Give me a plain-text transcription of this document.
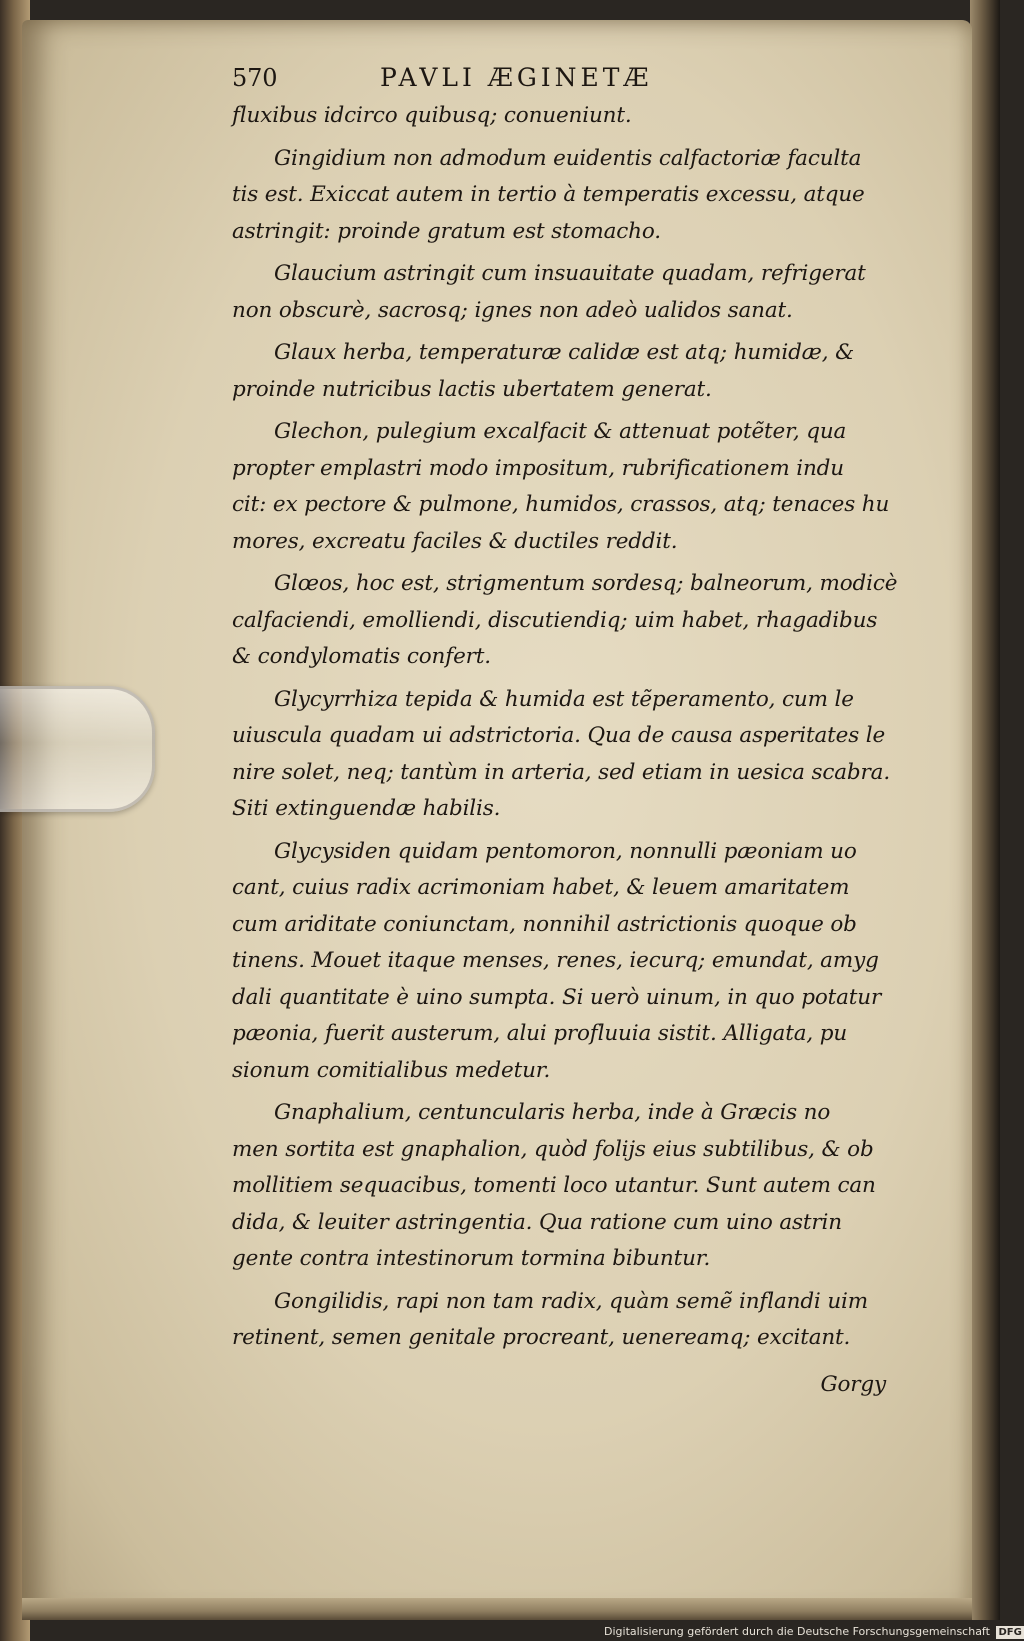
570	PAVLI ÆGINETÆ
fluxibus idcirco quibusq; conueniunt.
Gingidium non admodum euidentis calfactoriæ faculta
tis est. Exiccat autem in tertio à temperatis excessu, atque
astringit: proinde gratum est stomacho.
Glaucium astringit cum insuauitate quadam, refrigerat
non obscurè, sacrosq; ignes non adeò ualidos sanat.
Glaux herba, temperaturæ calidæ est atq; humidæ, &
proinde nutricibus lactis ubertatem generat.
Glechon, pulegium excalfacit & attenuat potẽter, qua
propter emplastri modo impositum, rubrificationem indu
cit: ex pectore & pulmone, humidos, crassos, atq; tenaces hu
mores, excreatu faciles & ductiles reddit.
Glœos, hoc est, strigmentum sordesq; balneorum, modicè
calfaciendi, emolliendi, discutiendiq; uim habet, rhagadibus
& condylomatis confert.
Glycyrrhiza tepida & humida est tẽperamento, cum le
uiuscula quadam ui adstrictoria. Qua de causa asperitates le
nire solet, neq; tantùm in arteria, sed etiam in uesica scabra.
Siti extinguendæ habilis.
Glycysiden quidam pentomoron, nonnulli pæoniam uo
cant, cuius radix acrimoniam habet, & leuem amaritatem
cum ariditate coniunctam, nonnihil astrictionis quoque ob
tinens. Mouet itaque menses, renes, iecurq; emundat, amyg
dali quantitate è uino sumpta. Si uerò uinum, in quo potatur
pæonia, fuerit austerum, alui profluuia sistit. Alligata, pu
sionum comitialibus medetur.
Gnaphalium, centuncularis herba, inde à Græcis no
men sortita est gnaphalion, quòd folijs eius subtilibus, & ob
mollitiem sequacibus, tomenti loco utantur. Sunt autem can
dida, & leuiter astringentia. Qua ratione cum uino astrin
gente contra intestinorum tormina bibuntur.
Gongilidis, rapi non tam radix, quàm semẽ inflandi uim
retinent, semen genitale procreant, uenereamq; excitant.
Gorgy
Digitalisierung gefördert durch die Deutsche Forschungsgemeinschaft DFG
